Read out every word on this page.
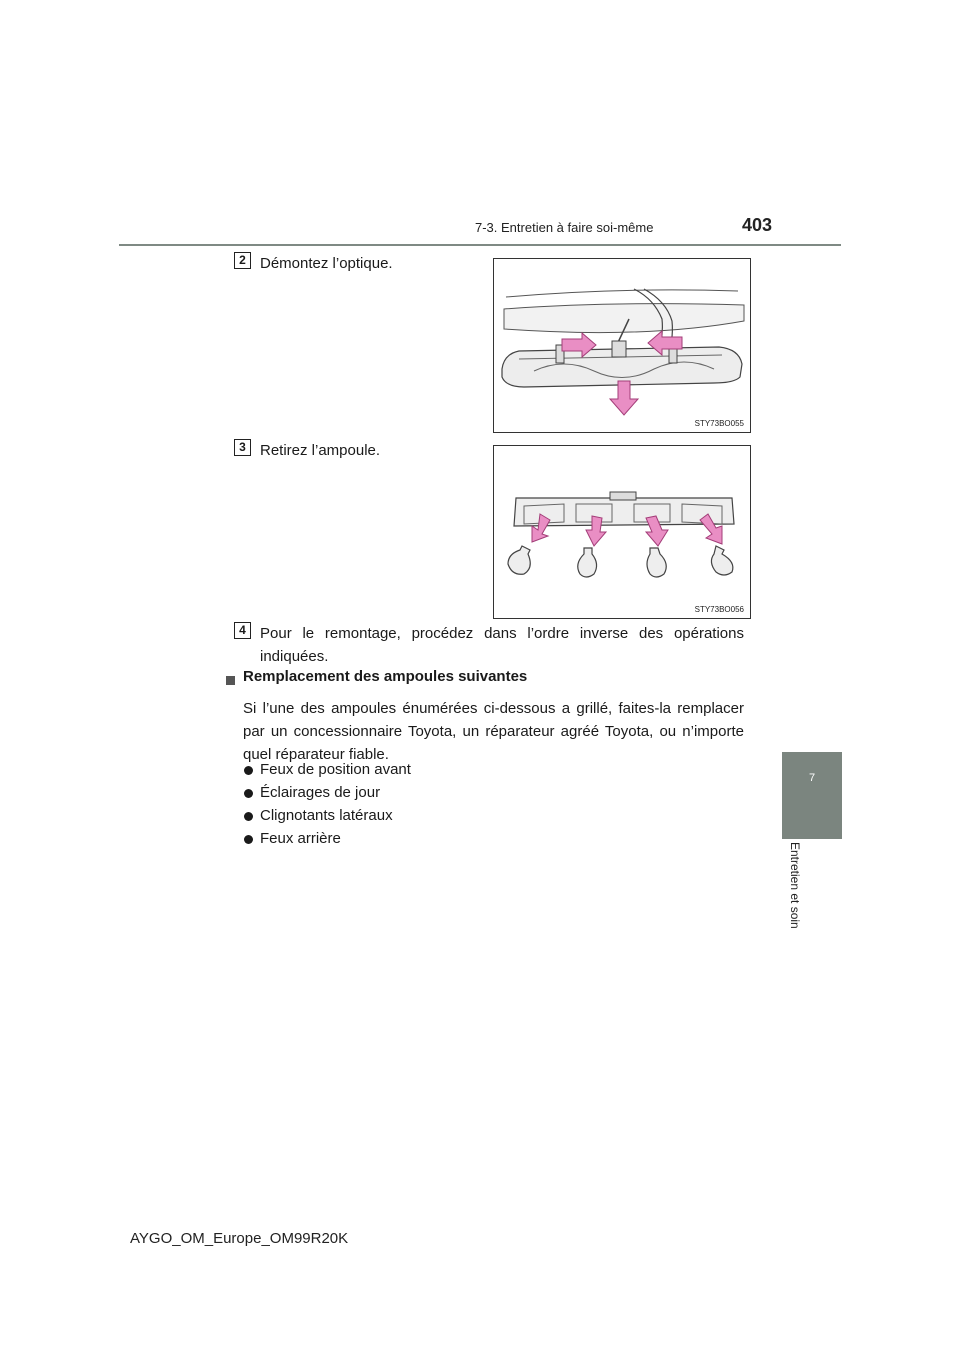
7-3. Entretien à faire soi-même	403
7
Entretien et soin
2 Démontez l’optique.
STY73BO055
3 Retirez l’ampoule.
STY73BO056
4 Pour le remontage, procédez dans l’ordre inverse des opérations
indiquées.
Remplacement des ampoules suivantes
Si l’une des ampoules énumérées ci-dessous a grillé, faites-la remplacer par un concessionnaire Toyota, un réparateur agréé Toyota, ou n’importe quel réparateur fiable.
Feux de position avant
Éclairages de jour
Clignotants latéraux
Feux arrière
AYGO_OM_Europe_OM99R20K
